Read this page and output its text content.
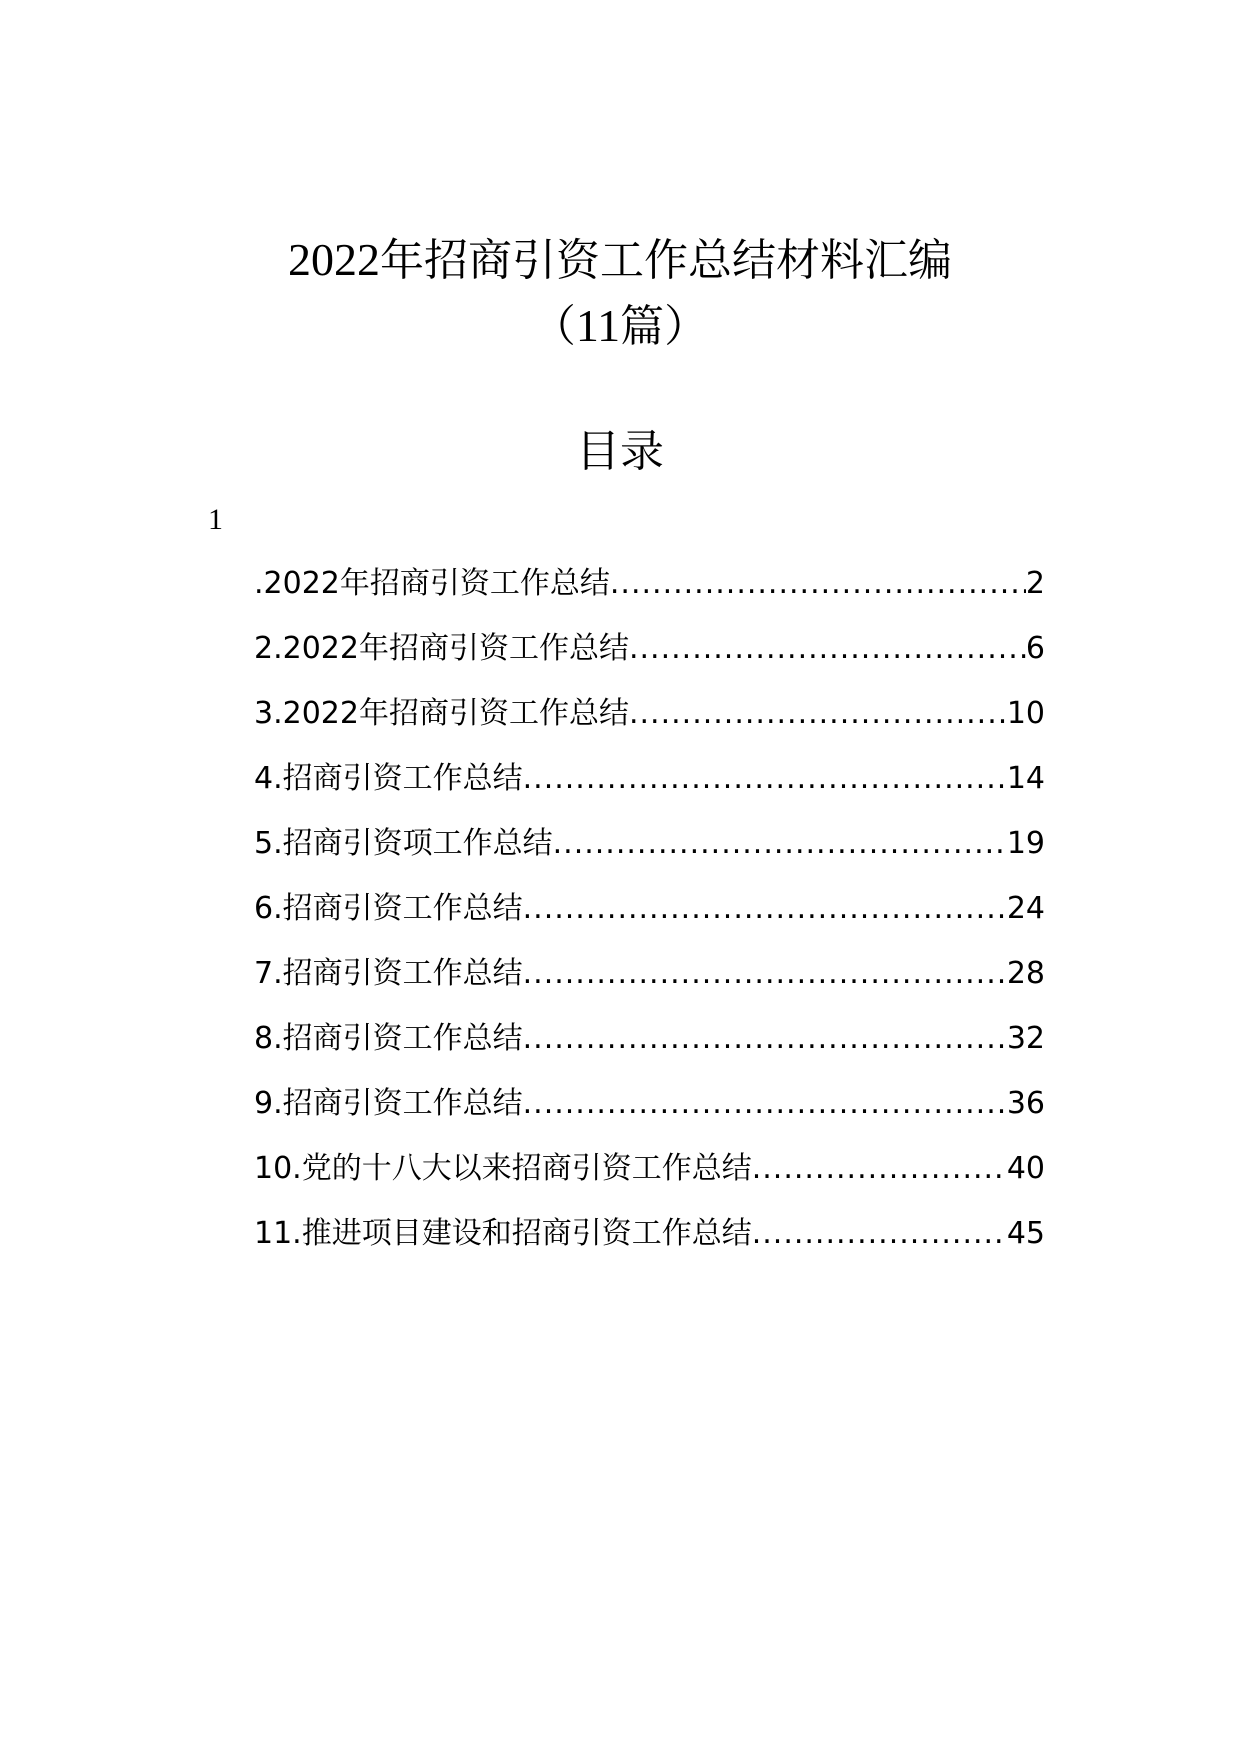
2022年招商引资工作总结材料汇编
（11篇）
目录
1
.2022年招商引资工作总结 .....	2
2.2022年招商引资工作总结 .....	6
3.2022年招商引资工作总结 .....	10
4.招商引资工作总结 .....	14
5.招商引资项工作总结 .....	19
6.招商引资工作总结 .....	24
7.招商引资工作总结 .....	28
8.招商引资工作总结 .....	32
9.招商引资工作总结 .....	36
10.党的十八大以来招商引资工作总结 .....	40
11.推进项目建设和招商引资工作总结 .....	45
